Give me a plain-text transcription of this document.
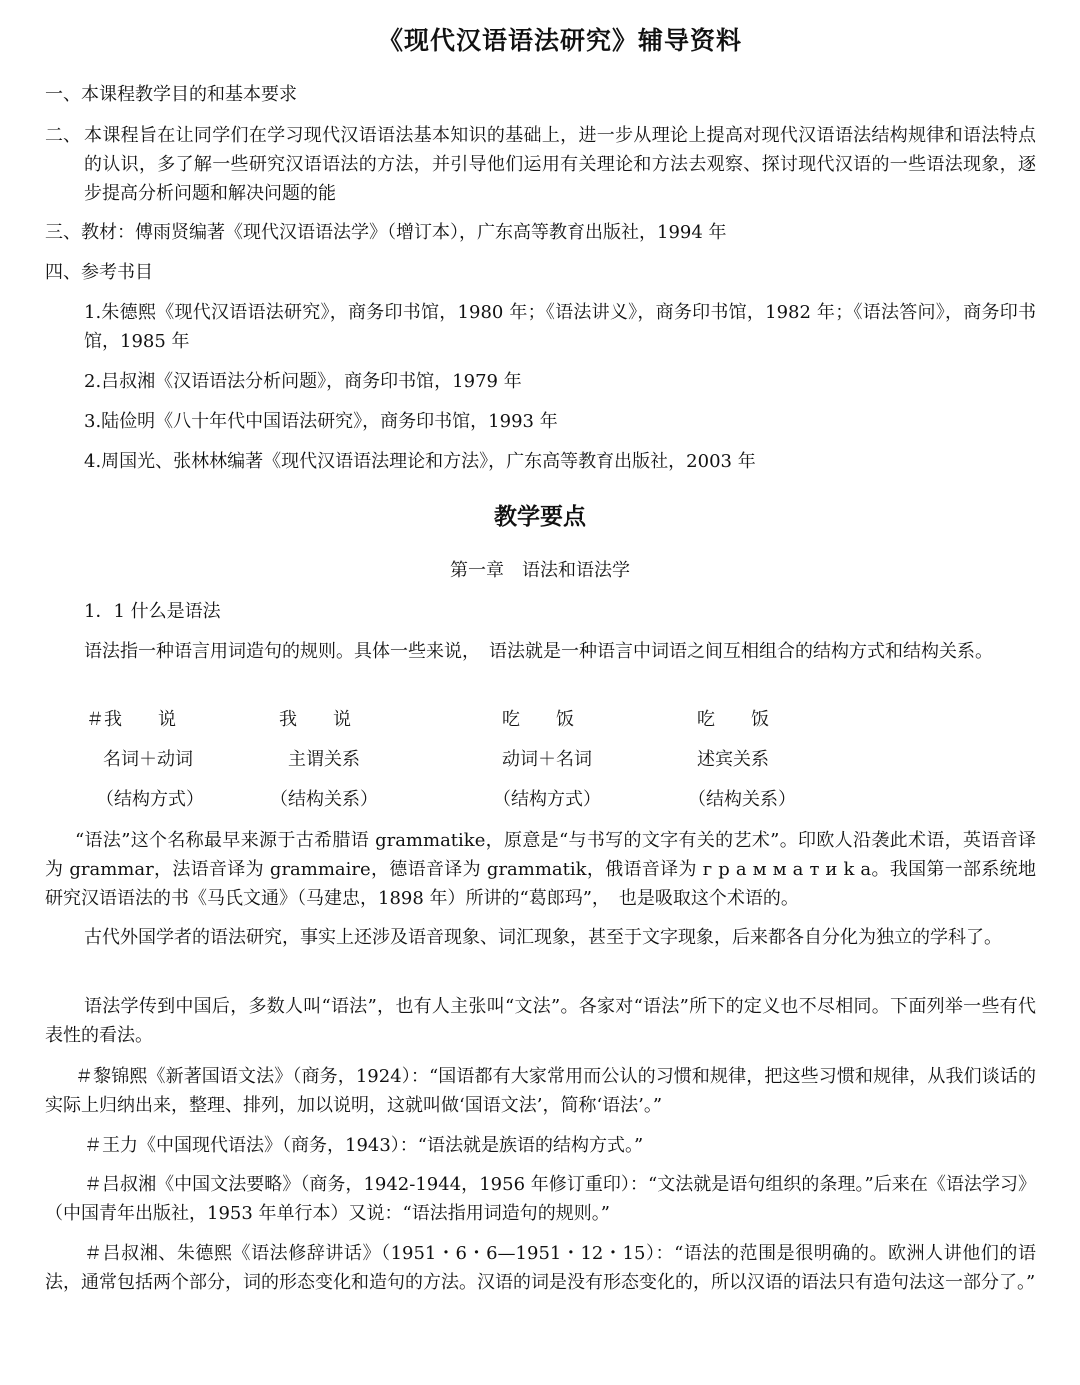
《现代汉语语法研究》辅导资料
一、本课程教学目的和基本要求
二、 本课程旨在让同学们在学习现代汉语语法基本知识的基础上，进一步从理论上提高对现代汉语语法结构规律和语法特点的认识，多了解一些研究汉语语法的方法，并引导他们运用有关理论和方法去观察、探讨现代汉语的一些语法现象，逐步提高分析问题和解决问题的能
三、教材：傅雨贤编著《现代汉语语法学》（增订本），广东高等教育出版社，1994 年
四、参考书目
1.朱德熙《现代汉语语法研究》，商务印书馆，1980 年；《语法讲义》，商务印书馆，1982 年；《语法答问》，商务印书馆，1985 年
2.吕叔湘《汉语语法分析问题》，商务印书馆，1979 年
3.陆俭明《八十年代中国语法研究》，商务印书馆，1993 年
4.周国光、张林林编著《现代汉语语法理论和方法》，广东高等教育出版社，2003 年
教学要点
第一章　语法和语法学
1．1 什么是语法
语法指一种语言用词造句的规则。具体一些来说，　语法就是一种语言中词语之间互相组合的结构方式和结构关系。
＃我　　说	我　　说	吃　　饭	吃　　饭
名词＋动词	主谓关系	动词＋名词	述宾关系
（结构方式）	（结构关系）	（结构方式）	（结构关系）
“语法”这个名称最早来源于古希腊语 grammatike，原意是“与书写的文字有关的艺术”。印欧人沿袭此术语，英语音译为 grammar，法语音译为 grammaire，德语音译为 grammatik，俄语音译为 г р а м м а т и k a。我国第一部系统地研究汉语语法的书《马氏文通》（马建忠，1898 年）所讲的“葛郎玛”，　也是吸取这个术语的。
古代外国学者的语法研究，事实上还涉及语音现象、词汇现象，甚至于文字现象，后来都各自分化为独立的学科了。
语法学传到中国后，多数人叫“语法”，也有人主张叫“文法”。各家对“语法”所下的定义也不尽相同。下面列举一些有代表性的看法。
＃黎锦熙《新著国语文法》（商务，1924）：“国语都有大家常用而公认的习惯和规律，把这些习惯和规律，从我们谈话的实际上归纳出来，整理、排列，加以说明，这就叫做‘国语文法’，简称‘语法’。”
＃王力《中国现代语法》（商务，1943）：“语法就是族语的结构方式。”
＃吕叔湘《中国文法要略》（商务，1942-1944，1956 年修订重印）：“文法就是语句组织的条理。”后来在《语法学习》（中国青年出版社，1953 年单行本）又说：“语法指用词造句的规则。”
＃吕叔湘、朱德熙《语法修辞讲话》（1951・6・6—1951・12・15）：“语法的范围是很明确的。欧洲人讲他们的语法，通常包括两个部分，词的形态变化和造句的方法。汉语的词是没有形态变化的，所以汉语的语法只有造句法这一部分了。”
